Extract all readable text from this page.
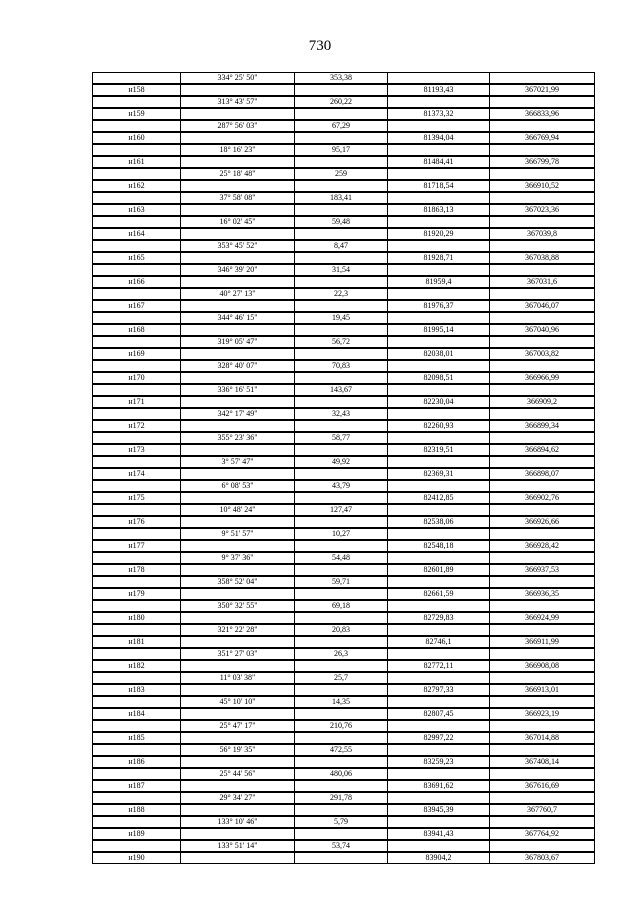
730
334° 25' 50"	353,38
н158	81193,43	367021,99
313° 43' 57"	260,22
н159	81373,32	366833,96
287° 56' 03"	67,29
н160	81394,04	366769,94
18° 16' 23"	95,17
н161	81484,41	366799,78
25° 18' 48"	259
н162	81718,54	366910,52
37° 58' 08"	183,41
н163	81863,13	367023,36
16° 02' 45"	59,48
н164	81920,29	367039,8
353° 45' 52"	8,47
н165	81928,71	367038,88
346° 39' 20"	31,54
н166	81959,4	367031,6
40° 27' 13"	22,3
н167	81976,37	367046,07
344° 46' 15"	19,45
н168	81995,14	367040,96
319° 05' 47"	56,72
н169	82038,01	367003,82
328° 40' 07"	70,83
н170	82098,51	366966,99
336° 16' 51"	143,67
н171	82230,04	366909,2
342° 17' 49"	32,43
н172	82260,93	366899,34
355° 23' 36"	58,77
н173	82319,51	366894,62
3° 57' 47"	49,92
н174	82369,31	366898,07
6° 08' 53"	43,79
н175	82412,85	366902,76
10° 48' 24"	127,47
н176	82538,06	366926,66
9° 51' 57"	10,27
н177	82548,18	366928,42
9° 37' 36"	54,48
н178	82601,89	366937,53
358° 52' 04"	59,71
н179	82661,59	366936,35
350° 32' 55"	69,18
н180	82729,83	366924,99
321° 22' 28"	20,83
н181	82746,1	366911,99
351° 27' 03"	26,3
н182	82772,11	366908,08
11° 03' 38"	25,7
н183	82797,33	366913,01
45° 10' 10"	14,35
н184	82807,45	366923,19
25° 47' 17"	210,76
н185	82997,22	367014,88
56° 19' 35"	472,55
н186	83259,23	367408,14
25° 44' 56"	480,06
н187	83691,62	367616,69
29° 34' 27"	291,78
н188	83945,39	367760,7
133° 10' 46"	5,79
н189	83941,43	367764,92
133° 51' 14"	53,74
н190	83904,2	367803,67
